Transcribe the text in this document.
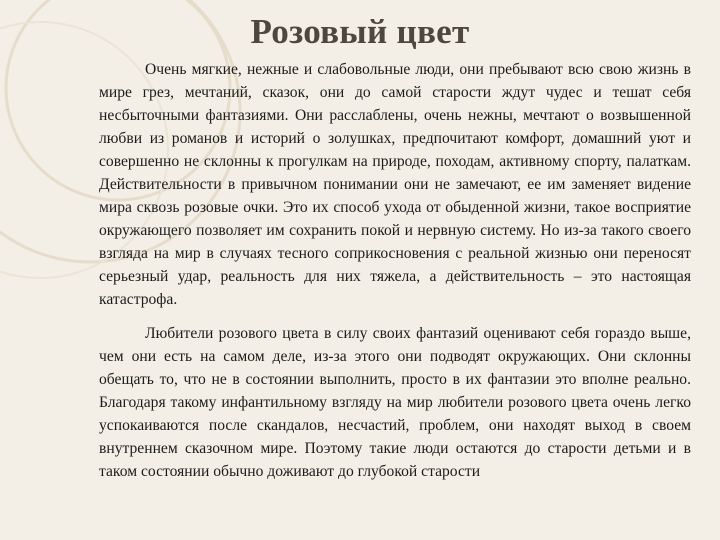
Розовый цвет

Очень мягкие, нежные и слабовольные люди, они пребывают всю свою жизнь в мире грез, мечтаний, сказок, они до самой старости ждут чудес и тешат себя несбыточными фантазиями. Они расслаблены, очень нежны, мечтают о возвышенной любви из романов и историй о золушках, предпочитают комфорт, домашний уют и совершенно не склонны к прогулкам на природе, походам, активному спорту, палаткам. Действительности в привычном понимании они не замечают, ее им заменяет видение мира сквозь розовые очки. Это их способ ухода от обыденной жизни, такое восприятие окружающего позволяет им сохранить покой и нервную систему. Но из-за такого своего взгляда на мир в случаях тесного соприкосновения с реальной жизнью они переносят серьезный удар, реальность для них тяжела, а действительность – это настоящая катастрофа.

Любители розового цвета в силу своих фантазий оценивают себя гораздо выше, чем они есть на самом деле, из-за этого они подводят окружающих. Они склонны обещать то, что не в состоянии выполнить, просто в их фантазии это вполне реально. Благодаря такому инфантильному взгляду на мир любители розового цвета очень легко успокаиваются после скандалов, несчастий, проблем, они находят выход в своем внутреннем сказочном мире. Поэтому такие люди остаются до старости детьми и в таком состоянии обычно доживают до глубокой старости
